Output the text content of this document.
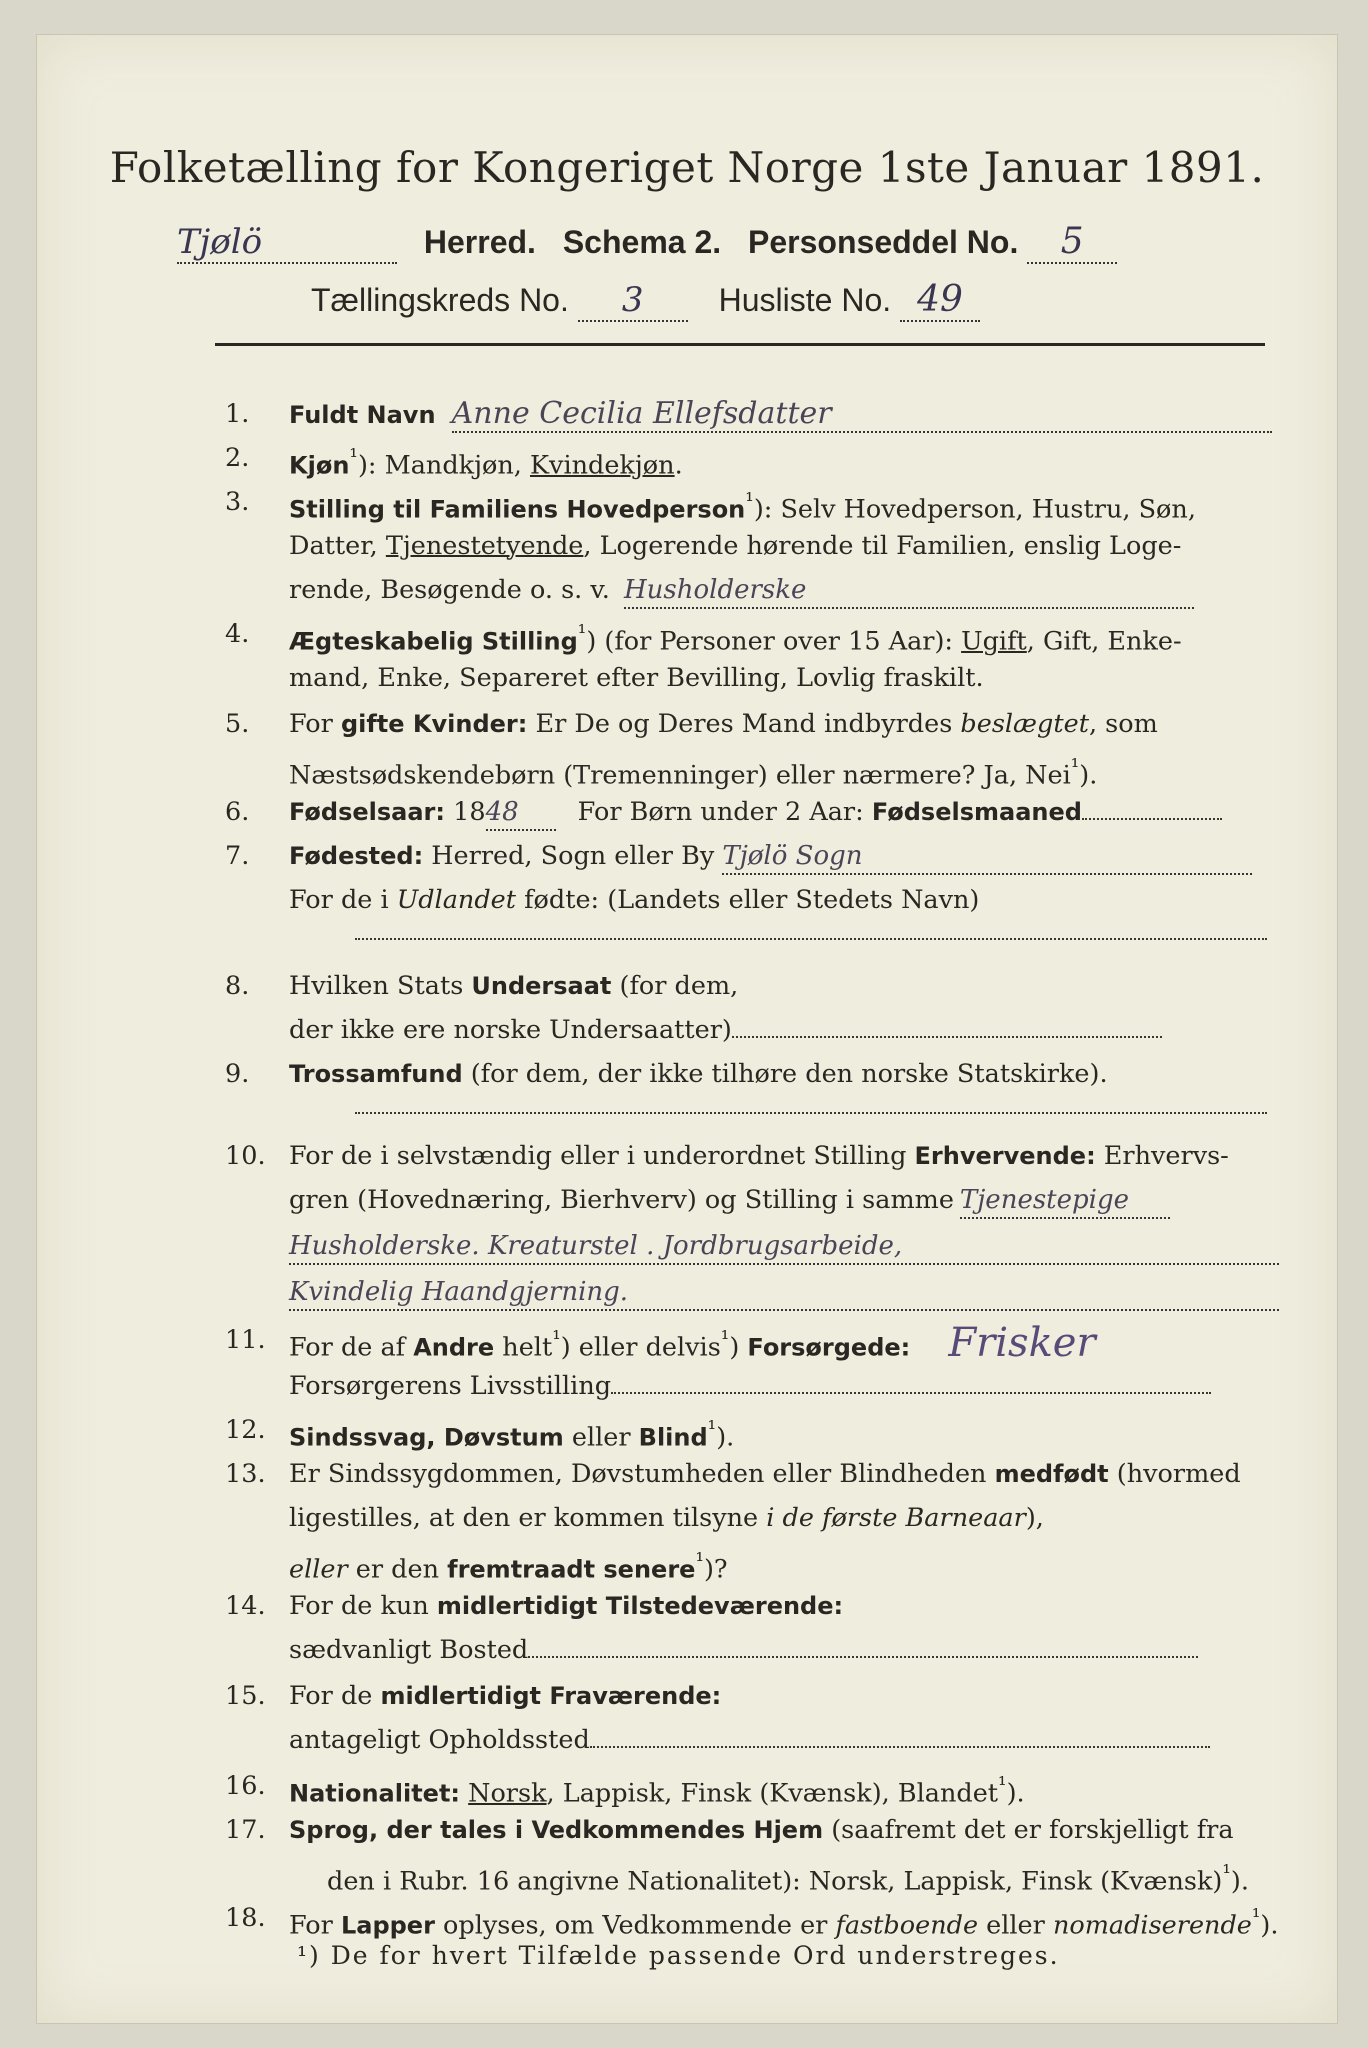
Folketælling for Kongeriget Norge 1ste Januar 1891.
Tjølö	Herred. Schema 2. Personseddel No. 5
Tællingskreds No. 3 Husliste No. 49
1.	Fuldt Navn Anne Cecilia Ellefsdatter
2.	Kjøn$^{^1}$): Mandkjøn, Kvindekjøn.
3.	Stilling til Familiens Hovedperson$^{^1}$): Selv Hovedperson, Hustru, Søn,
Datter, Tjenestetyende, Logerende hørende til Familien, enslig Loge-
rende, Besøgende o. s. v. Husholderske
4.	Ægteskabelig Stilling$^{^1}$) (for Personer over 15 Aar): Ugift, Gift, Enke-
mand, Enke, Separeret efter Bevilling, Lovlig fraskilt.
5.	For gifte Kvinder: Er De og Deres Mand indbyrdes beslægtet, som
Næstsødskendebørn (Tremenninger) eller nærmere? Ja, Nei$^{^1}$).
6.	Fødselsaar: 1848 For Børn under 2 Aar: Fødselsmaaned
7.	Fødested: Herred, Sogn eller By Tjølö Sogn
For de i Udlandet fødte: (Landets eller Stedets Navn)
8.	Hvilken Stats Undersaat (for dem,
der ikke ere norske Undersaatter)
9.	Trossamfund (for dem, der ikke tilhøre den norske Statskirke).
10. For de i selvstændig eller i underordnet Stilling Erhvervende: Erhvervs-
gren (Hovednæring, Bierhverv) og Stilling i samme Tjenestepige
Husholderske. Kreaturstel . Jordbrugsarbeide,
Kvindelig Haandgjerning.
11. For de af Andre helt$^{^1}$) eller delvis$^{^1}$) Forsørgede: Frisker
Forsørgerens Livsstilling
12. Sindssvag, Døvstum eller Blind$^{^1}$).
13. Er Sindssygdommen, Døvstumheden eller Blindheden medfødt (hvormed
ligestilles, at den er kommen tilsyne i de første Barneaar),
eller er den fremtraadt senere$^{^1}$)?
14. For de kun midlertidigt Tilstedeværende:
sædvanligt Bosted
15. For de midlertidigt Fraværende:
antageligt Opholdssted
16. Nationalitet: Norsk, Lappisk, Finsk (Kvænsk), Blandet$^{^1}$).
17. Sprog, der tales i Vedkommendes Hjem (saafremt det er forskjelligt fra
den i Rubr. 16 angivne Nationalitet): Norsk, Lappisk, Finsk (Kvænsk)$^{^1}$).
18. For Lapper oplyses, om Vedkommende er fastboende eller nomadiserende$^{^1}$).
¹) De for hvert Tilfælde passende Ord understreges.
